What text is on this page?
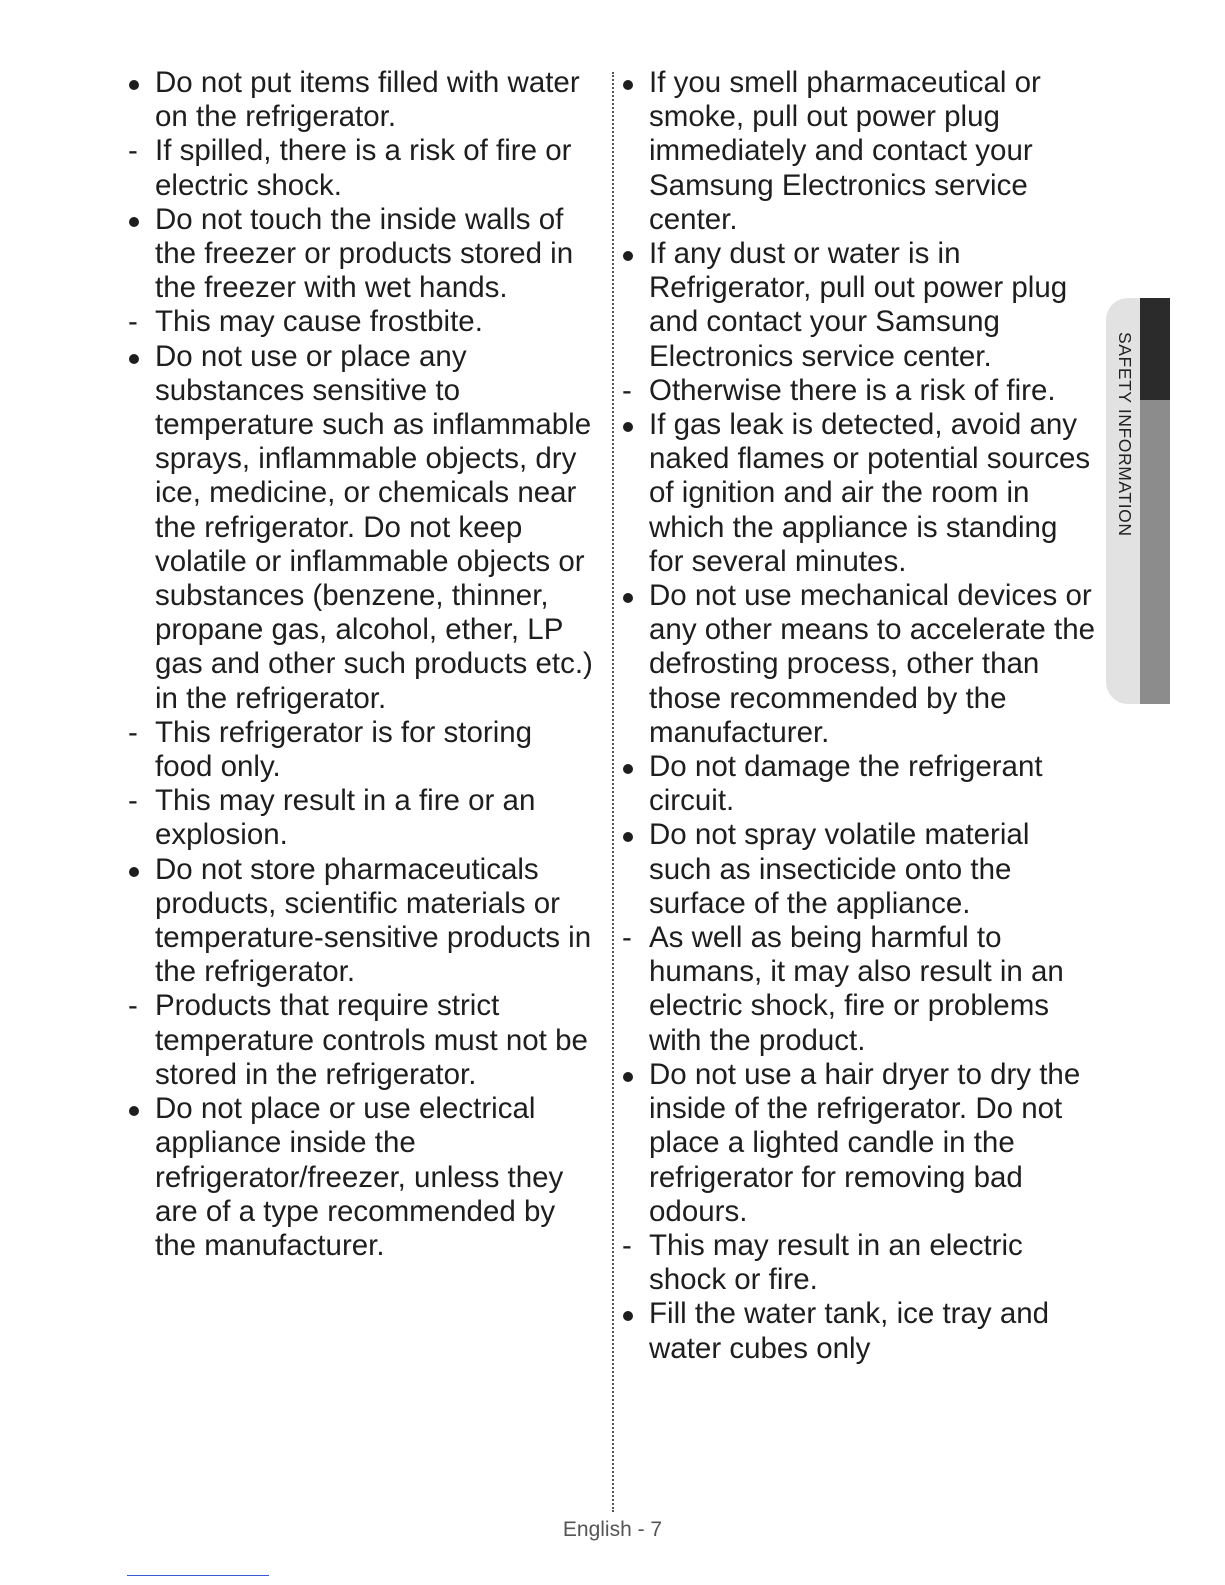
Do not put items filled with water on the refrigerator.
- If spilled, there is a risk of fire or electric shock.
Do not touch the inside walls of the freezer or products stored in the freezer with wet hands.
- This may cause frostbite.
Do not use or place any substances sensitive to temperature such as inflammable sprays, inflammable objects, dry ice, medicine, or chemicals near the refrigerator. Do not keep volatile or inflammable objects or substances (benzene, thinner, propane gas, alcohol, ether, LP gas and other such products etc.) in the refrigerator.
- This refrigerator is for storing food only.
- This may result in a fire or an explosion.
Do not store pharmaceuticals products, scientific materials or temperature-sensitive products in the refrigerator.
- Products that require strict temperature controls must not be stored in the refrigerator.
Do not place or use electrical appliance inside the refrigerator/freezer, unless they are of a type recommended by the manufacturer.
If you smell pharmaceutical or smoke, pull out power plug immediately and contact your Samsung Electronics service center.
If any dust or water is in Refrigerator, pull out power plug and contact your Samsung Electronics service center.
- Otherwise there is a risk of fire.
If gas leak is detected, avoid any naked flames or potential sources of ignition and air the room in which the appliance is standing for several minutes.
Do not use mechanical devices or any other means to accelerate the defrosting process, other than those recommended by the manufacturer.
Do not damage the refrigerant circuit.
Do not spray volatile material such as insecticide onto the surface of the appliance.
- As well as being harmful to humans, it may also result in an electric shock, fire or problems with the product.
Do not use a hair dryer to dry the inside of the refrigerator. Do not place a lighted candle in the refrigerator for removing bad odours.
- This may result in an electric shock or fire.
Fill the water tank, ice tray and water cubes only
SAFETY INFORMATION
English - 7
